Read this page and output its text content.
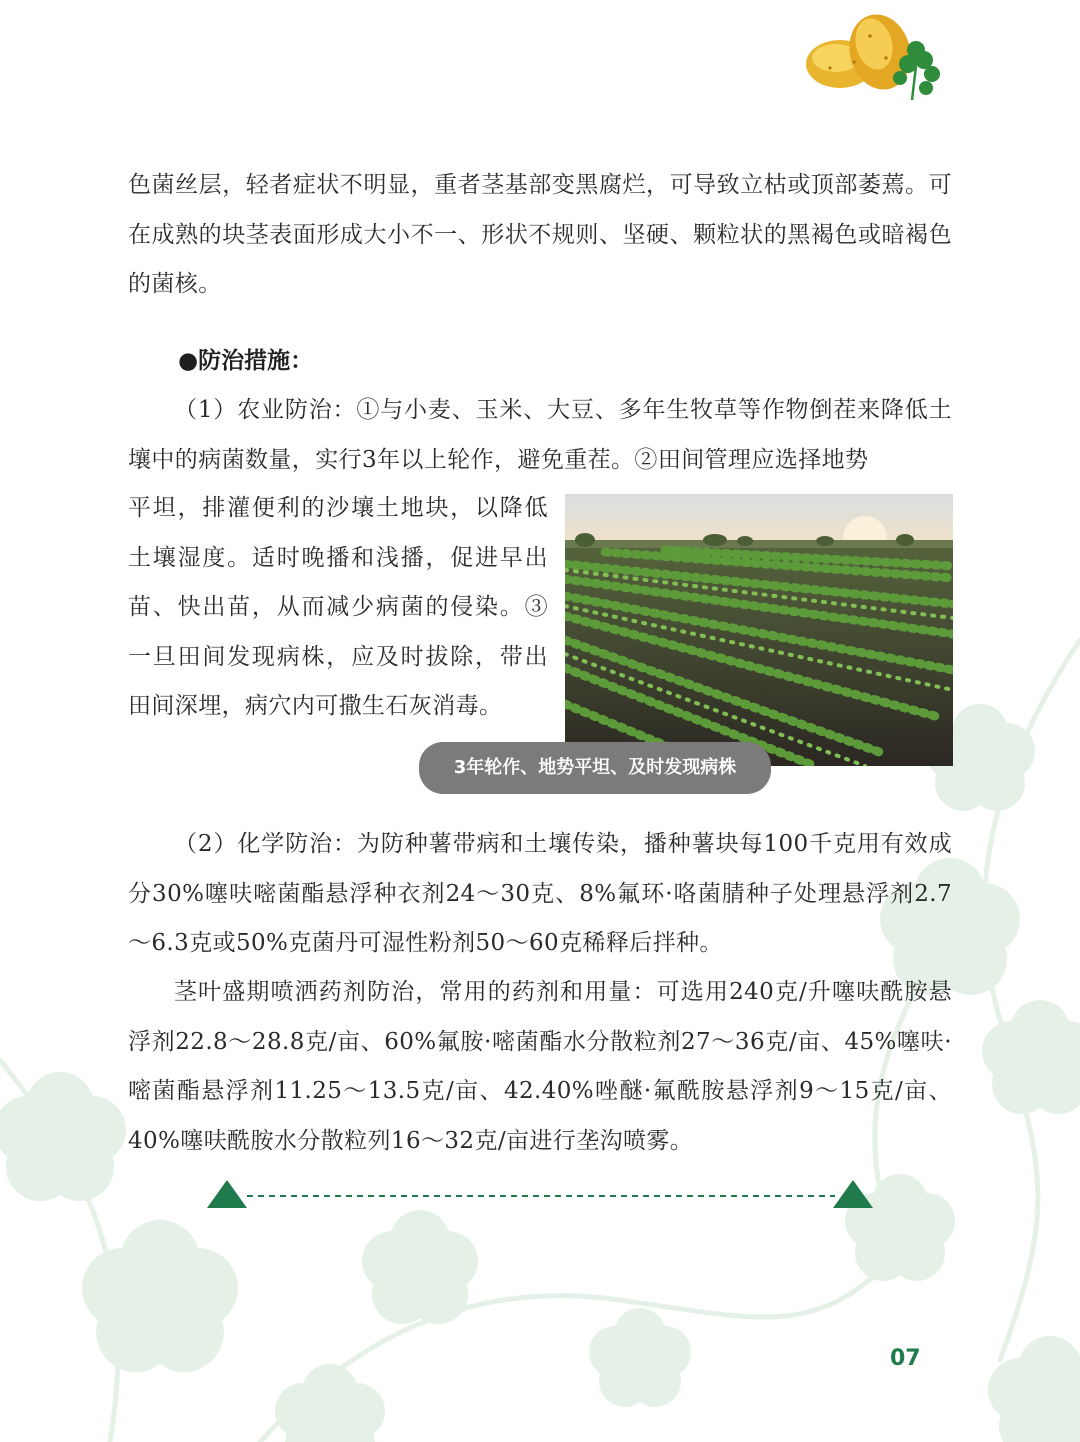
色菌丝层，轻者症状不明显，重者茎基部变黑腐烂，可导致立枯或顶部萎蔫。可在成熟的块茎表面形成大小不一、形状不规则、坚硬、颗粒状的黑褐色或暗褐色的菌核。

●防治措施：

（1）农业防治：①与小麦、玉米、大豆、多年生牧草等作物倒茬来降低土壤中的病菌数量，实行3年以上轮作，避免重茬。②田间管理应选择地势

平坦，排灌便利的沙壤土地块，以降低土壤湿度。适时晚播和浅播，促进早出苗、快出苗，从而减少病菌的侵染。③一旦田间发现病株，应及时拔除，带出田间深埋，病穴内可撒生石灰消毒。

3年轮作、地势平坦、及时发现病株

（2）化学防治：为防种薯带病和土壤传染，播种薯块每100千克用有效成分30%噻呋嘧菌酯悬浮种衣剂24～30克、8%氟环·咯菌腈种子处理悬浮剂2.7～6.3克或50%克菌丹可湿性粉剂50～60克稀释后拌种。

茎叶盛期喷洒药剂防治，常用的药剂和用量：可选用240克/升噻呋酰胺悬浮剂22.8～28.8克/亩、60%氟胺·嘧菌酯水分散粒剂27～36克/亩、45%噻呋·嘧菌酯悬浮剂11.25～13.5克/亩、42.40%唑醚·氟酰胺悬浮剂9～15克/亩、40%噻呋酰胺水分散粒列16～32克/亩进行垄沟喷雾。

07
